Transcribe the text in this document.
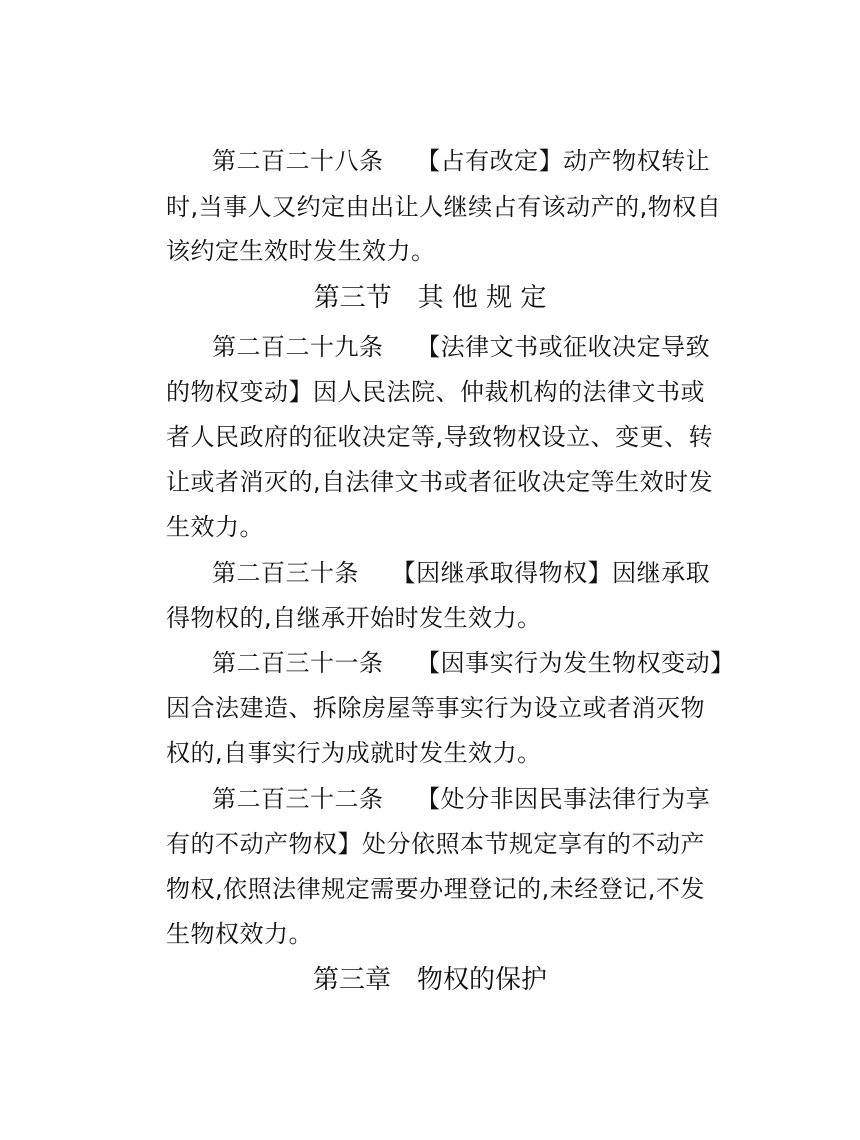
第二百二十八条　 【占有改定】动产物权转让
时,当事人又约定由出让人继续占有该动产的,物权自
该约定生效时发生效力。
第三节　其 他 规 定
第二百二十九条　 【法律文书或征收决定导致
的物权变动】因人民法院、仲裁机构的法律文书或
者人民政府的征收决定等,导致物权设立、变更、转
让或者消灭的,自法律文书或者征收决定等生效时发
生效力。
第二百三十条　 【因继承取得物权】因继承取
得物权的,自继承开始时发生效力。
第二百三十一条　 【因事实行为发生物权变动】
因合法建造、拆除房屋等事实行为设立或者消灭物
权的,自事实行为成就时发生效力。
第二百三十二条　 【处分非因民事法律行为享
有的不动产物权】处分依照本节规定享有的不动产
物权,依照法律规定需要办理登记的,未经登记,不发
生物权效力。
第三章　物权的保护
